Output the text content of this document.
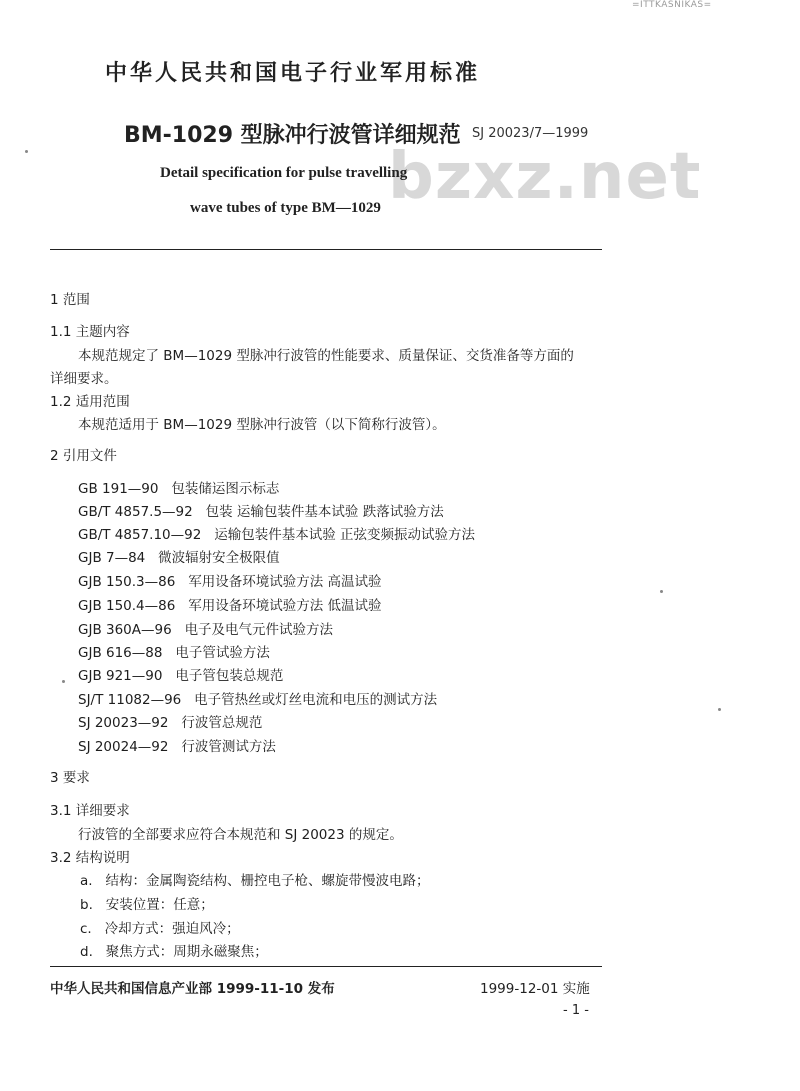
=ITTKASNIKAS=
中华人民共和国电子行业军用标准
BM-1029 型脉冲行波管详细规范 SJ 20023/7—1999
bzxz.net
Detail specification for pulse travelling
wave tubes of type BM—1029
1 范围
1.1 主题内容
本规范规定了 BM—1029 型脉冲行波管的性能要求、质量保证、交货准备等方面的
详细要求。
1.2 适用范围
本规范适用于 BM—1029 型脉冲行波管（以下简称行波管）。
2 引用文件
GB 191—90 包装储运图示标志
GB/T 4857.5—92 包装 运输包装件基本试验 跌落试验方法
GB/T 4857.10—92 运输包装件基本试验 正弦变频振动试验方法
GJB 7—84 微波辐射安全极限值
GJB 150.3—86 军用设备环境试验方法 高温试验
GJB 150.4—86 军用设备环境试验方法 低温试验
GJB 360A—96 电子及电气元件试验方法
GJB 616—88 电子管试验方法
GJB 921—90 电子管包装总规范
SJ/T 11082—96 电子管热丝或灯丝电流和电压的测试方法
SJ 20023—92 行波管总规范
SJ 20024—92 行波管测试方法
3 要求
3.1 详细要求
行波管的全部要求应符合本规范和 SJ 20023 的规定。
3.2 结构说明
a. 结构：金属陶瓷结构、栅控电子枪、螺旋带慢波电路；
b. 安装位置：任意；
c. 冷却方式：强迫风冷；
d. 聚焦方式：周期永磁聚焦；
中华人民共和国信息产业部 1999-11-10 发布	1999-12-01 实施
- 1 -
